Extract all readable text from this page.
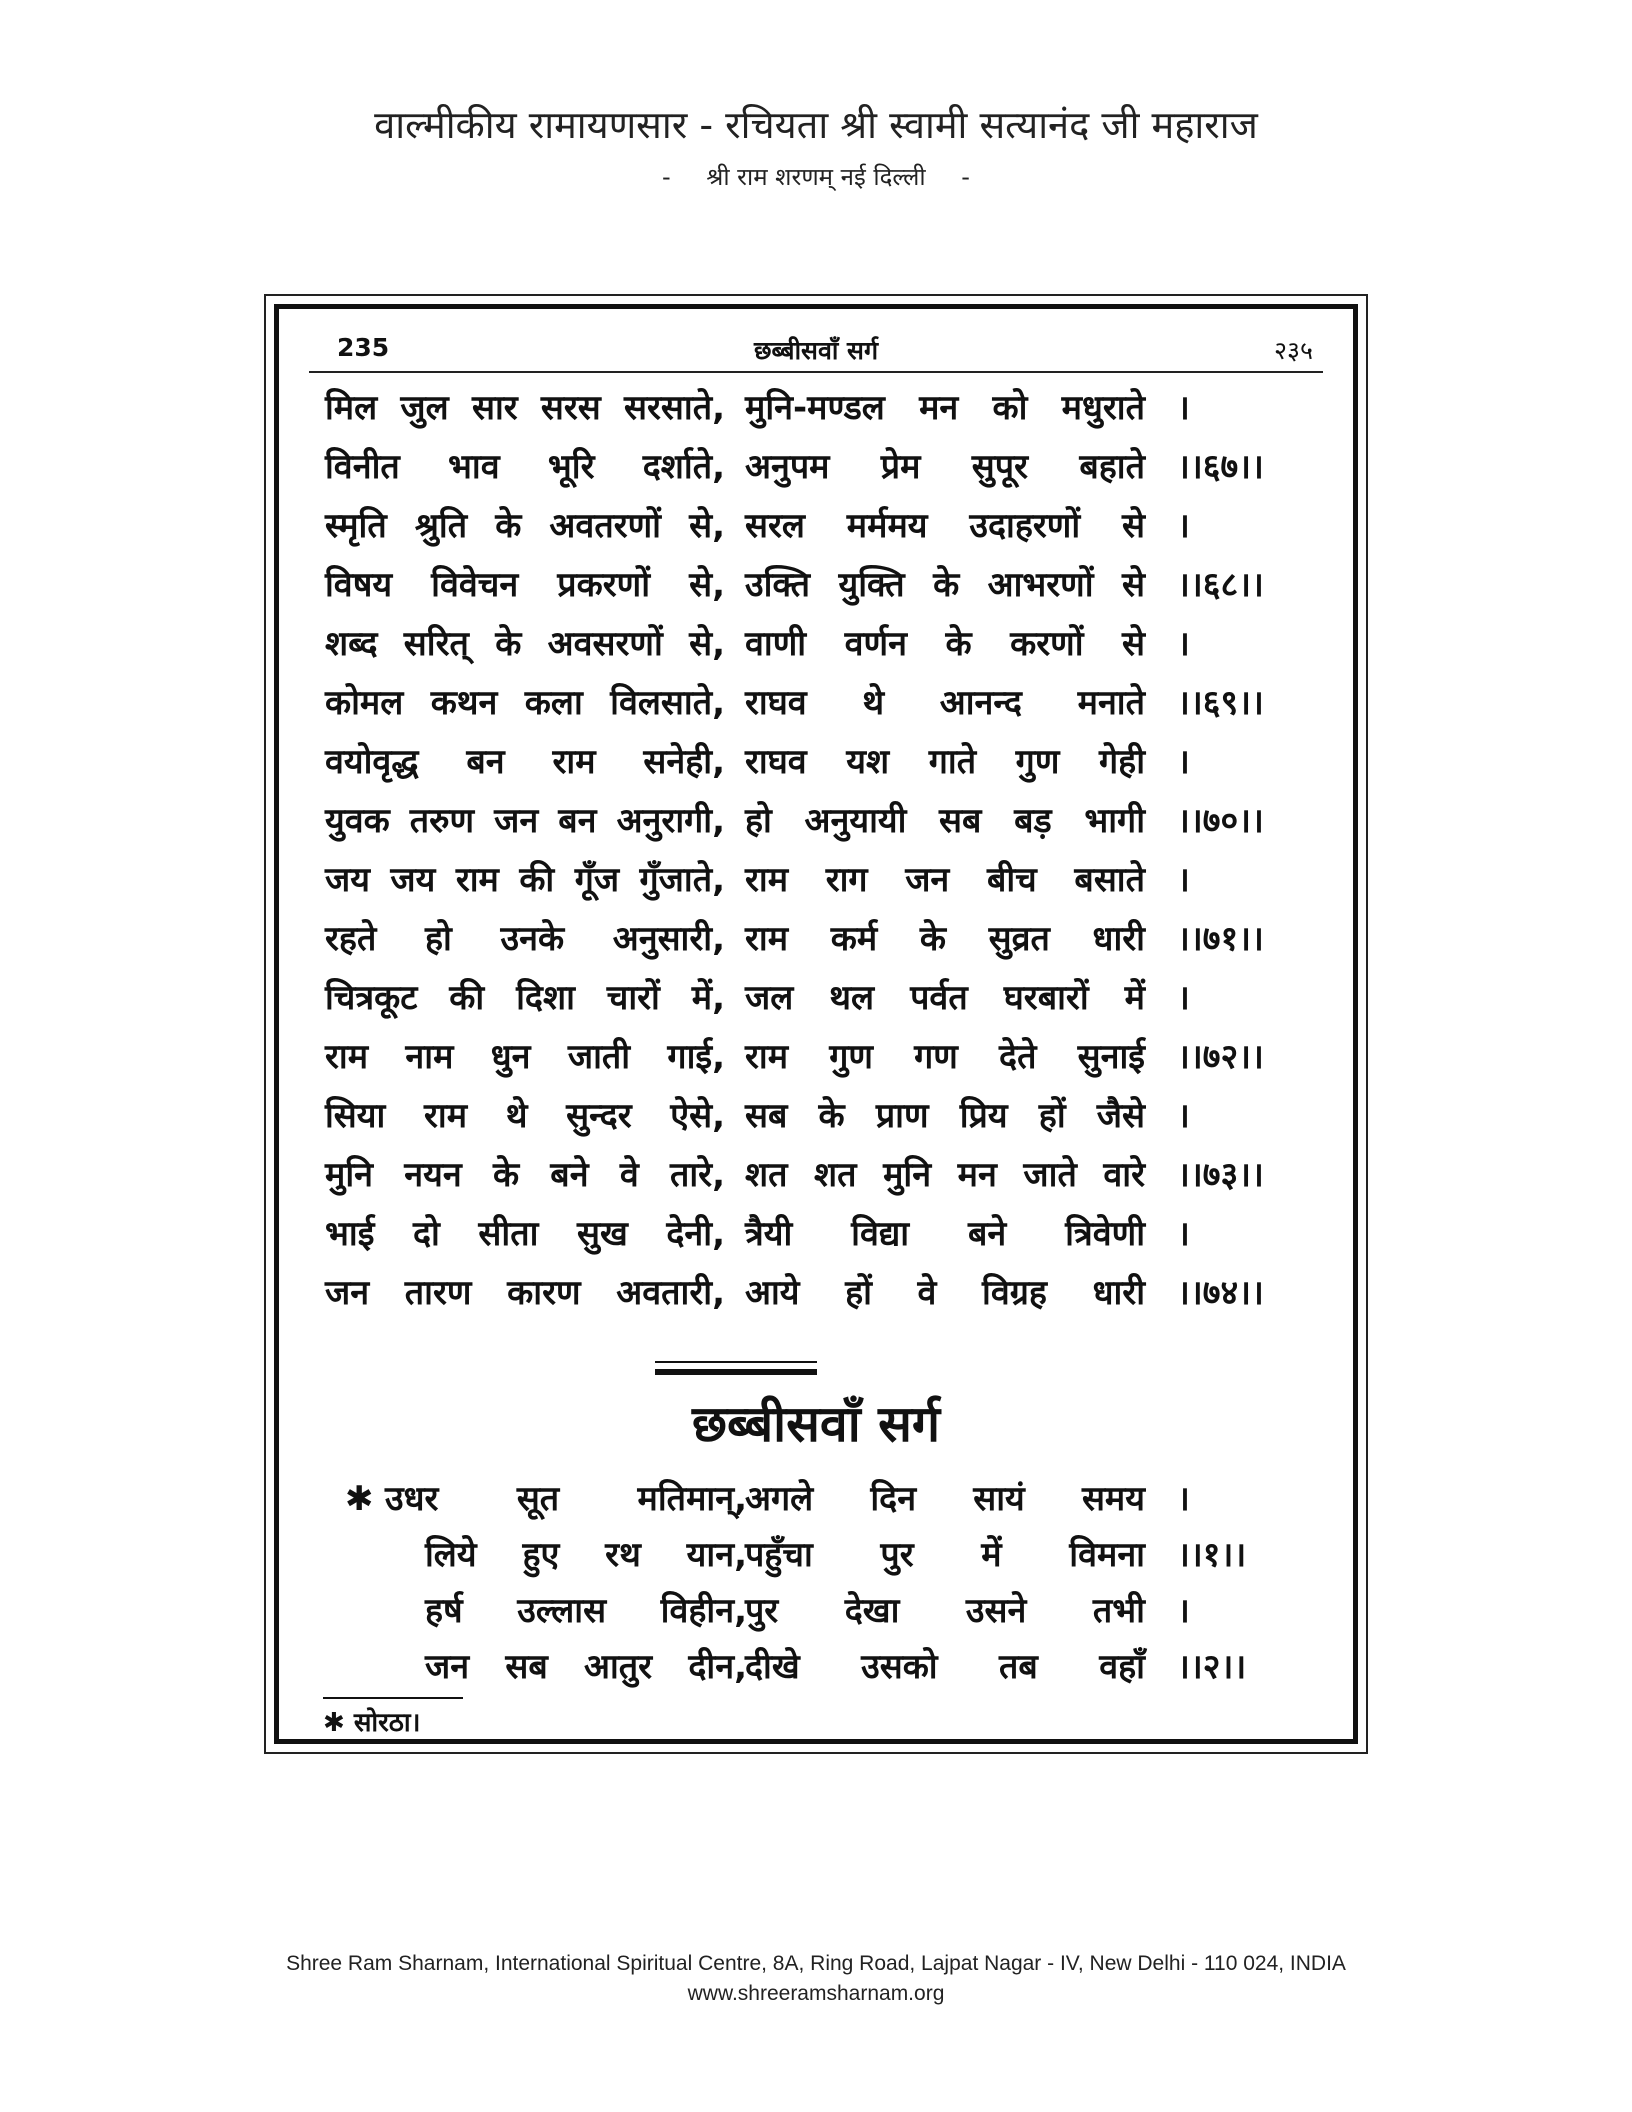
वाल्मीकीय रामायणसार - रचियता श्री स्वामी सत्यानंद जी महाराज
- श्री राम शरणम् नई दिल्ली -
235	छब्बीसवाँ सर्ग	२३५
मिल जुल सार सरस सरसाते, मुनि-मण्डल मन को मधुराते ।
विनीत भाव भूरि दर्शाते, अनुपम प्रेम सुपूर बहाते ।।६७।।
स्मृति श्रुति के अवतरणों से, सरल मर्ममय उदाहरणों से ।
विषय विवेचन प्रकरणों से, उक्ति युक्ति के आभरणों से ।।६८।।
शब्द सरित् के अवसरणों से, वाणी वर्णन के करणों से ।
कोमल कथन कला विलसाते, राघव थे आनन्द मनाते ।।६९।।
वयोवृद्ध बन राम सनेही, राघव यश गाते गुण गेही ।
युवक तरुण जन बन अनुरागी, हो अनुयायी सब बड़ भागी ।।७०।।
जय जय राम की गूँज गुँजाते, राम राग जन बीच बसाते ।
रहते हो उनके अनुसारी, राम कर्म के सुव्रत धारी ।।७१।।
चित्रकूट की दिशा चारों में, जल थल पर्वत घरबारों में ।
राम नाम धुन जाती गाई, राम गुण गण देते सुनाई ।।७२।।
सिया राम थे सुन्दर ऐसे, सब के प्राण प्रिय हों जैसे ।
मुनि नयन के बने वे तारे, शत शत मुनि मन जाते वारे ।।७३।।
भाई दो सीता सुख देनी, त्रैयी विद्या बने त्रिवेणी ।
जन तारण कारण अवतारी, आये हों वे विग्रह धारी ।।७४।।
छब्बीसवाँ सर्ग
✱ उधर सूत मतिमान्,
अगले दिन सायं समय ।
लिये हुए रथ यान,
पहुँचा पुर में विमना ।।१।।
हर्ष उल्लास विहीन,
पुर देखा उसने तभी ।
जन सब आतुर दीन,
दीखे उसको तब वहाँ ।।२।।
✱ सोरठा।
Shree Ram Sharnam, International Spiritual Centre, 8A, Ring Road, Lajpat Nagar - IV, New Delhi - 110 024, INDIA
www.shreeramsharnam.org
